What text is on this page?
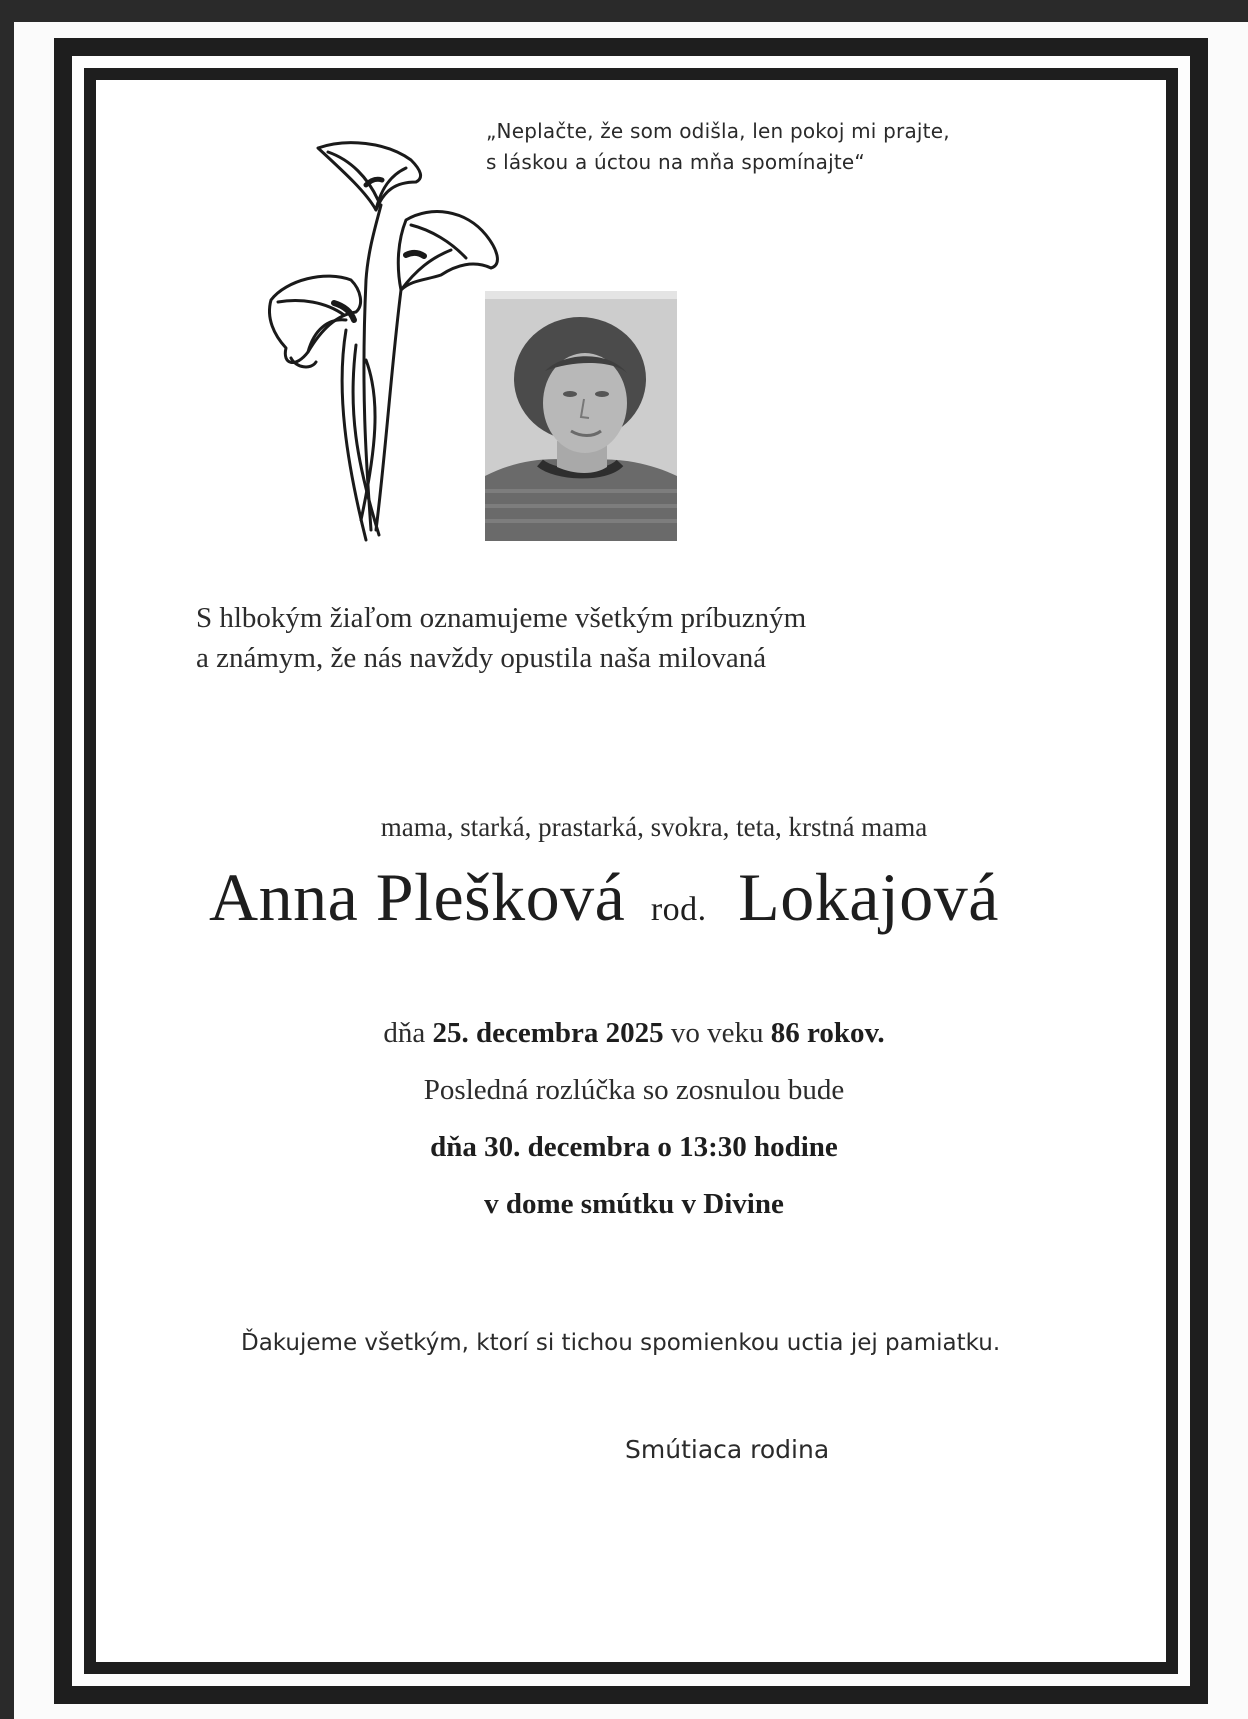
„Neplačte, že som odišla, len pokoj mi prajte,
s láskou a úctou na mňa spomínajte“
S hlbokým žiaľom oznamujeme všetkým príbuzným
a známym, že nás navždy opustila naša milovaná
mama, starká, prastarká, svokra, teta, krstná mama
Anna Plešková rod. Lokajová
dňa 25. decembra 2025 vo veku 86 rokov.
Posledná rozlúčka so zosnulou bude
dňa 30. decembra o 13:30 hodine
v dome smútku v Divine
Ďakujeme všetkým, ktorí si tichou spomienkou uctia jej pamiatku.
Smútiaca rodina
